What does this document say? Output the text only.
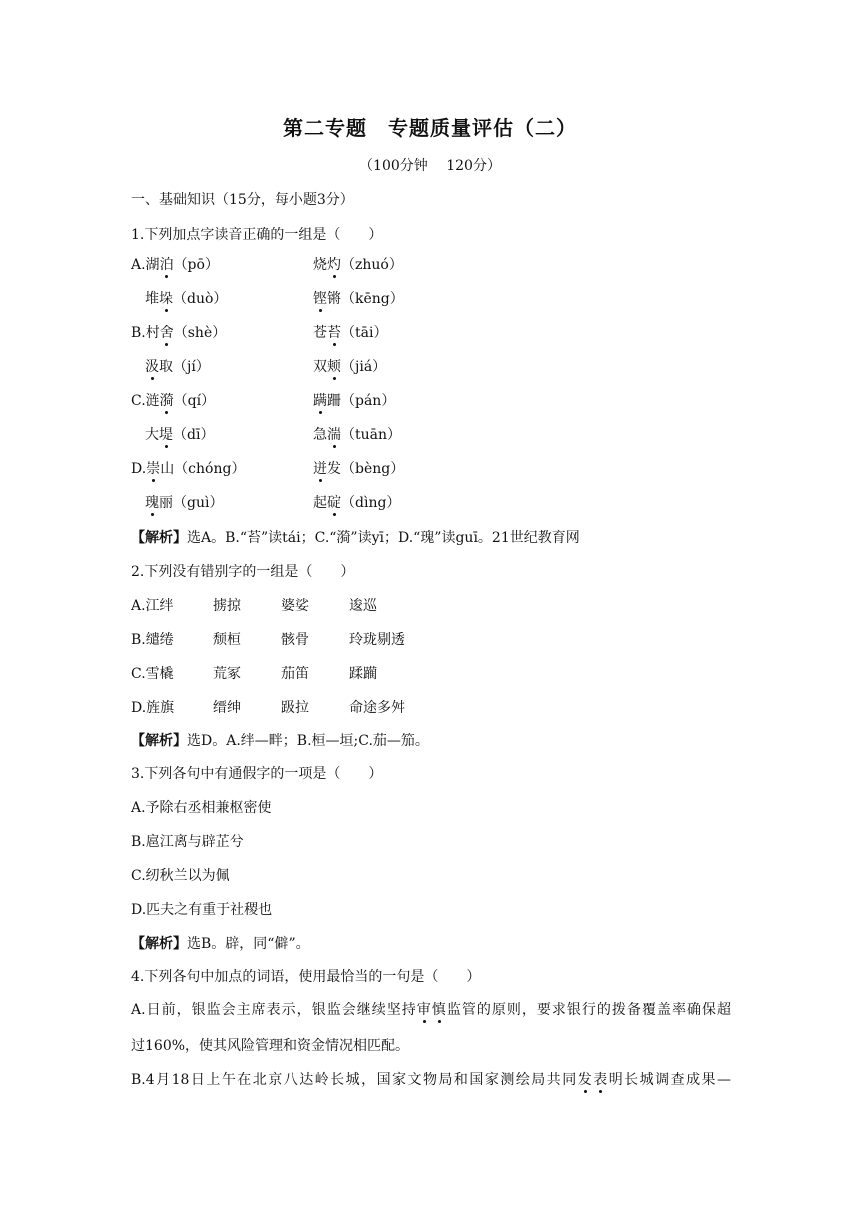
第二专题　专题质量评估（二）
（100分钟　 120分）
一、基础知识（15分，每小题3分）
1.下列加点字读音正确的一组是（　　）
A.湖泊（pō）	烧灼（zhuó）
堆垛（duò）	铿锵（kēng）
B.村舍（shè）	苍苔（tāi）
汲取（jí）	双颊（jiá）
C.涟漪（qí）	蹒跚（pán）
大堤（dī）	急湍（tuān）
D.崇山（chóng）	迸发（bèng）
瑰丽（guì）	起碇（dìng）
【解析】选A。B.“苔”读tái；C.“漪”读yī；D.“瑰”读guī。21世纪教育网
2.下列没有错别字的一组是（　　）
A.江绊	掳掠	婆娑	逡巡
B.缱绻	颓桓	骸骨	玲珑剔透
C.雪橇	荒冢	茄笛	蹂躏
D.旌旗	缙绅	趿拉	命途多舛
【解析】选D。A.绊—畔；B.桓—垣;C.茄—笳。
3.下列各句中有通假字的一项是（　　）
A.予除右丞相兼枢密使
B.扈江离与辟芷兮
C.纫秋兰以为佩
D.匹夫之有重于社稷也
【解析】选B。辟，同“僻”。
4.下列各句中加点的词语，使用最恰当的一句是（　　）
A.日前，银监会主席表示，银监会继续坚持审慎监管的原则，要求银行的拨备覆盖率确保超
过160%，使其风险管理和资金情况相匹配。
B.4月18日上午在北京八达岭长城，国家文物局和国家测绘局共同发表明长城调查成果—
